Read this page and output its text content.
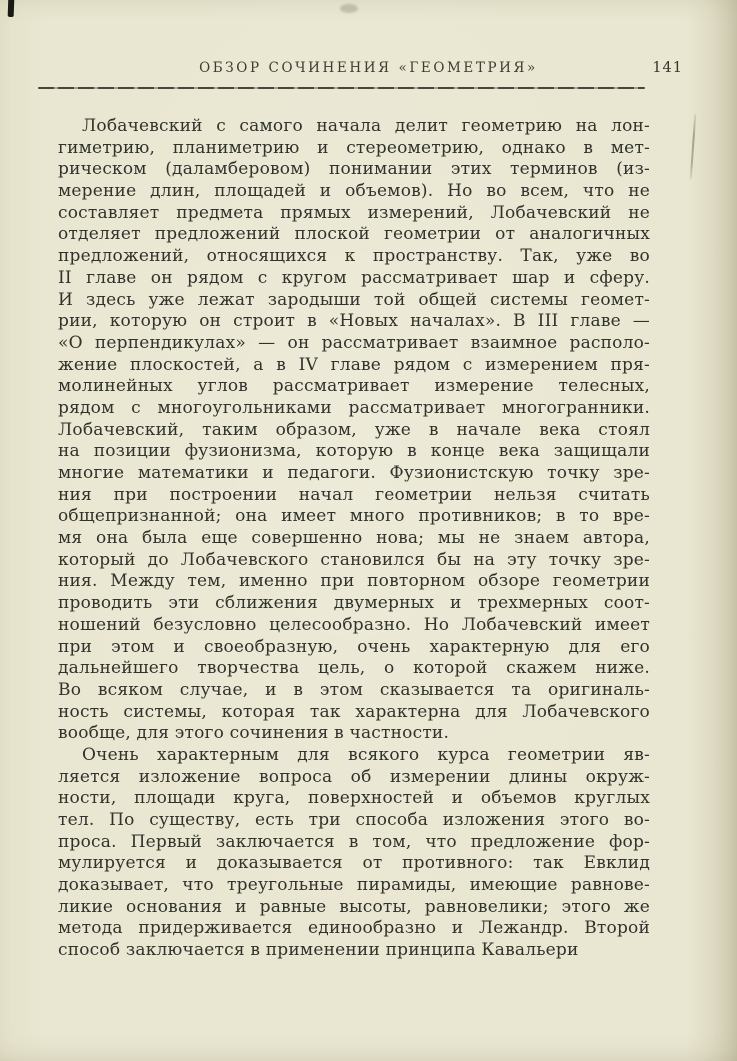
ОБЗОР СОЧИНЕНИЯ «ГЕОМЕТРИЯ»	141
Лобачевский с самого начала делит геометрию на лон-
гиметрию, планиметрию и стереометрию, однако в мет-
рическом (даламберовом) понимании этих терминов (из-
мерение длин, площадей и объемов). Но во всем, что не
составляет предмета прямых измерений, Лобачевский не
отделяет предложений плоской геометрии от аналогичных
предложений, относящихся к пространству. Так, уже во
II главе он рядом с кругом рассматривает шар и сферу.
И здесь уже лежат зародыши той общей системы геомет-
рии, которую он строит в «Новых началах». В III главе —
«О перпендикулах» — он рассматривает взаимное располо-
жение плоскостей, а в IV главе рядом с измерением пря-
молинейных углов рассматривает измерение телесных,
рядом с многоугольниками рассматривает многогранники.
Лобачевский, таким образом, уже в начале века стоял
на позиции фузионизма, которую в конце века защищали
многие математики и педагоги. Фузионистскую точку зре-
ния при построении начал геометрии нельзя считать
общепризнанной; она имеет много противников; в то вре-
мя она была еще совершенно нова; мы не знаем автора,
который до Лобачевского становился бы на эту точку зре-
ния. Между тем, именно при повторном обзоре геометрии
проводить эти сближения двумерных и трехмерных соот-
ношений безусловно целесообразно. Но Лобачевский имеет
при этом и своеобразную, очень характерную для его
дальнейшего творчества цель, о которой скажем ниже.
Во всяком случае, и в этом сказывается та оригиналь-
ность системы, которая так характерна для Лобачевского
вообще, для этого сочинения в частности.
Очень характерным для всякого курса геометрии яв-
ляется изложение вопроса об измерении длины окруж-
ности, площади круга, поверхностей и объемов круглых
тел. По существу, есть три способа изложения этого во-
проса. Первый заключается в том, что предложение фор-
мулируется и доказывается от противного: так Евклид
доказывает, что треугольные пирамиды, имеющие равнове-
ликие основания и равные высоты, равновелики; этого же
метода придерживается единообразно и Лежандр. Второй
способ заключается в применении принципа Кавальери
